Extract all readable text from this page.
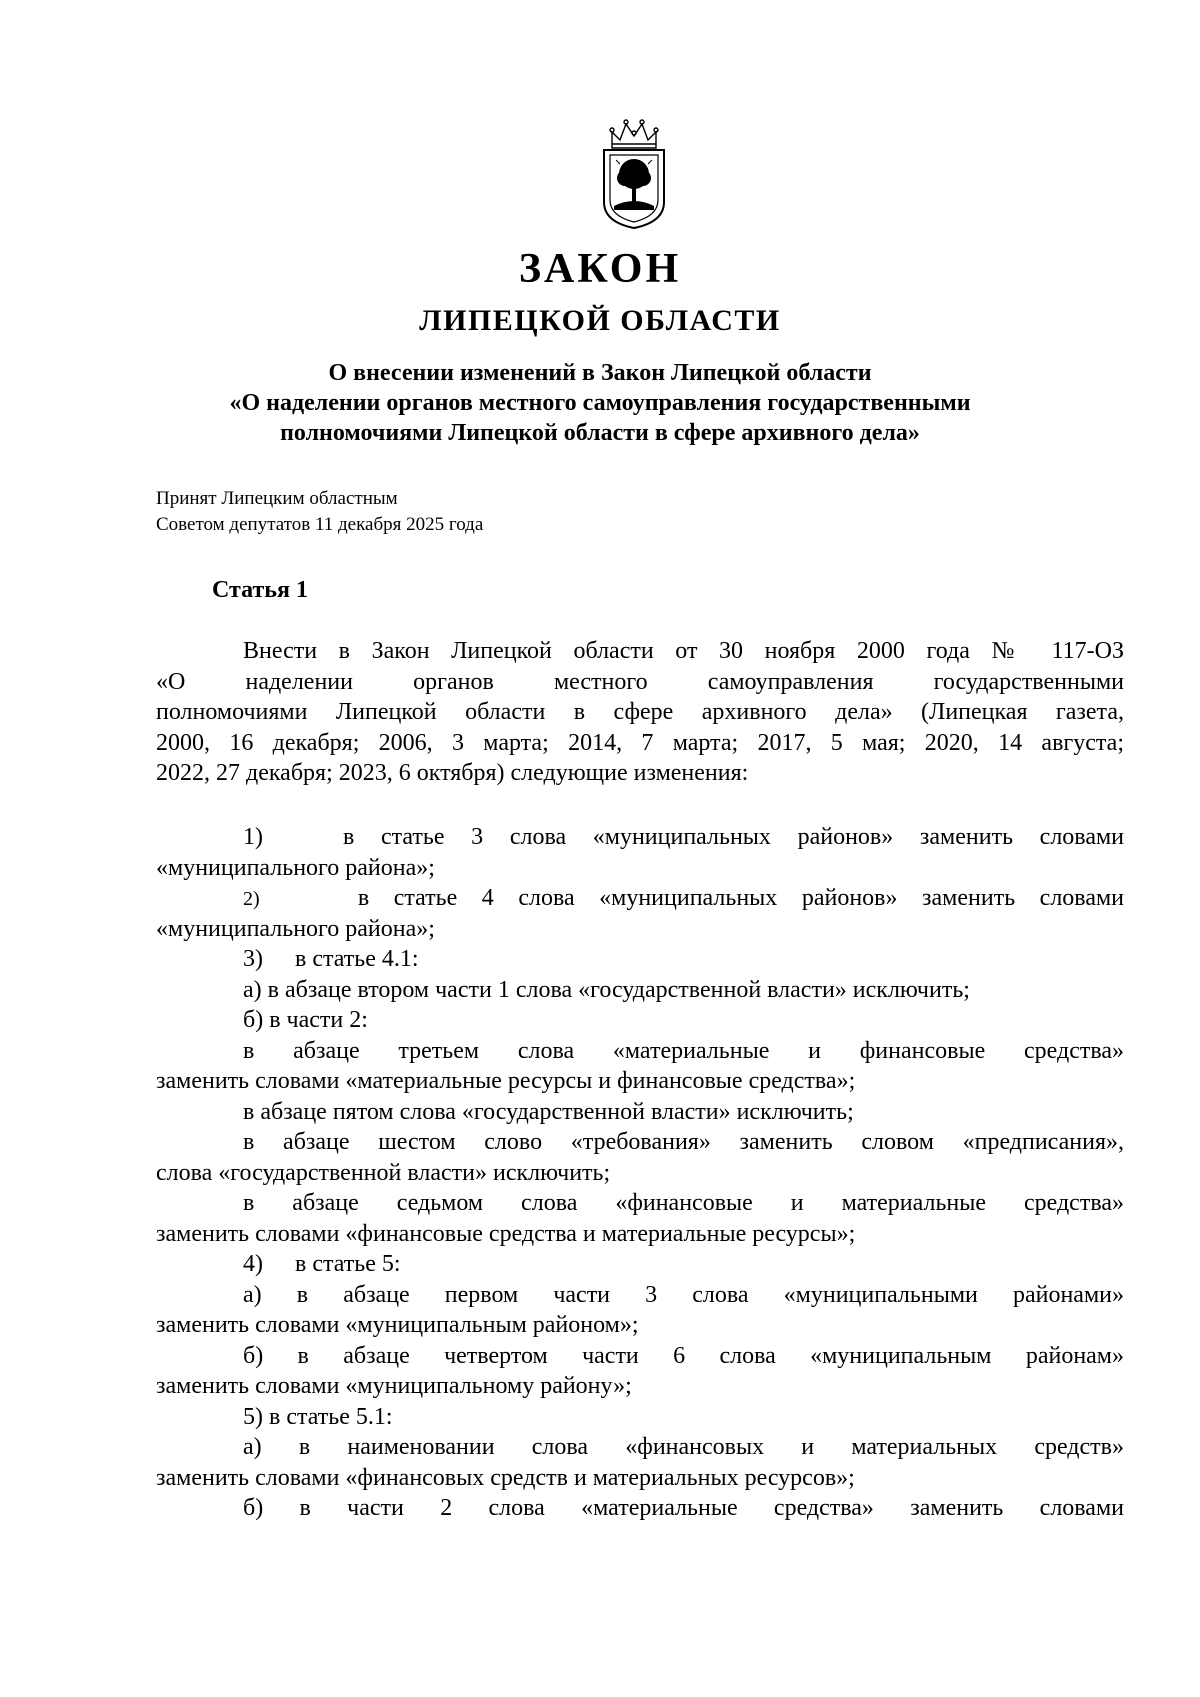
ЗАКОН
ЛИПЕЦКОЙ ОБЛАСТИ
О внесении изменений в Закон Липецкой области
«О наделении органов местного самоуправления государственными
полномочиями Липецкой области в сфере архивного дела»
Принят Липецким областным
Советом депутатов 11 декабря 2025 года
Статья 1
Внести в Закон Липецкой области от 30 ноября 2000 года № 117-ОЗ
«О наделении органов местного самоуправления государственными
полномочиями Липецкой области в сфере архивного дела» (Липецкая газета,
2000, 16 декабря; 2006, 3 марта; 2014, 7 марта; 2017, 5 мая; 2020, 14 августа;
2022, 27 декабря; 2023, 6 октября) следующие изменения:
1)	в статье 3 слова «муниципальных районов» заменить словами
«муниципального района»;
2)	в статье 4 слова «муниципальных районов» заменить словами
«муниципального района»;
3) в статье 4.1:
а) в абзаце втором части 1 слова «государственной власти» исключить;
б) в части 2:
в абзаце третьем слова «материальные и финансовые средства»
заменить словами «материальные ресурсы и финансовые средства»;
в абзаце пятом слова «государственной власти» исключить;
в абзаце шестом слово «требования» заменить словом «предписания»,
слова «государственной власти» исключить;
в абзаце седьмом слова «финансовые и материальные средства»
заменить словами «финансовые средства и материальные ресурсы»;
4) в статье 5:
а) в абзаце первом части 3 слова «муниципальными районами»
заменить словами «муниципальным районом»;
б) в абзаце четвертом части 6 слова «муниципальным районам»
заменить словами «муниципальному району»;
5) в статье 5.1:
а) в наименовании слова «финансовых и материальных средств»
заменить словами «финансовых средств и материальных ресурсов»;
б) в части 2 слова «материальные средства» заменить словами
